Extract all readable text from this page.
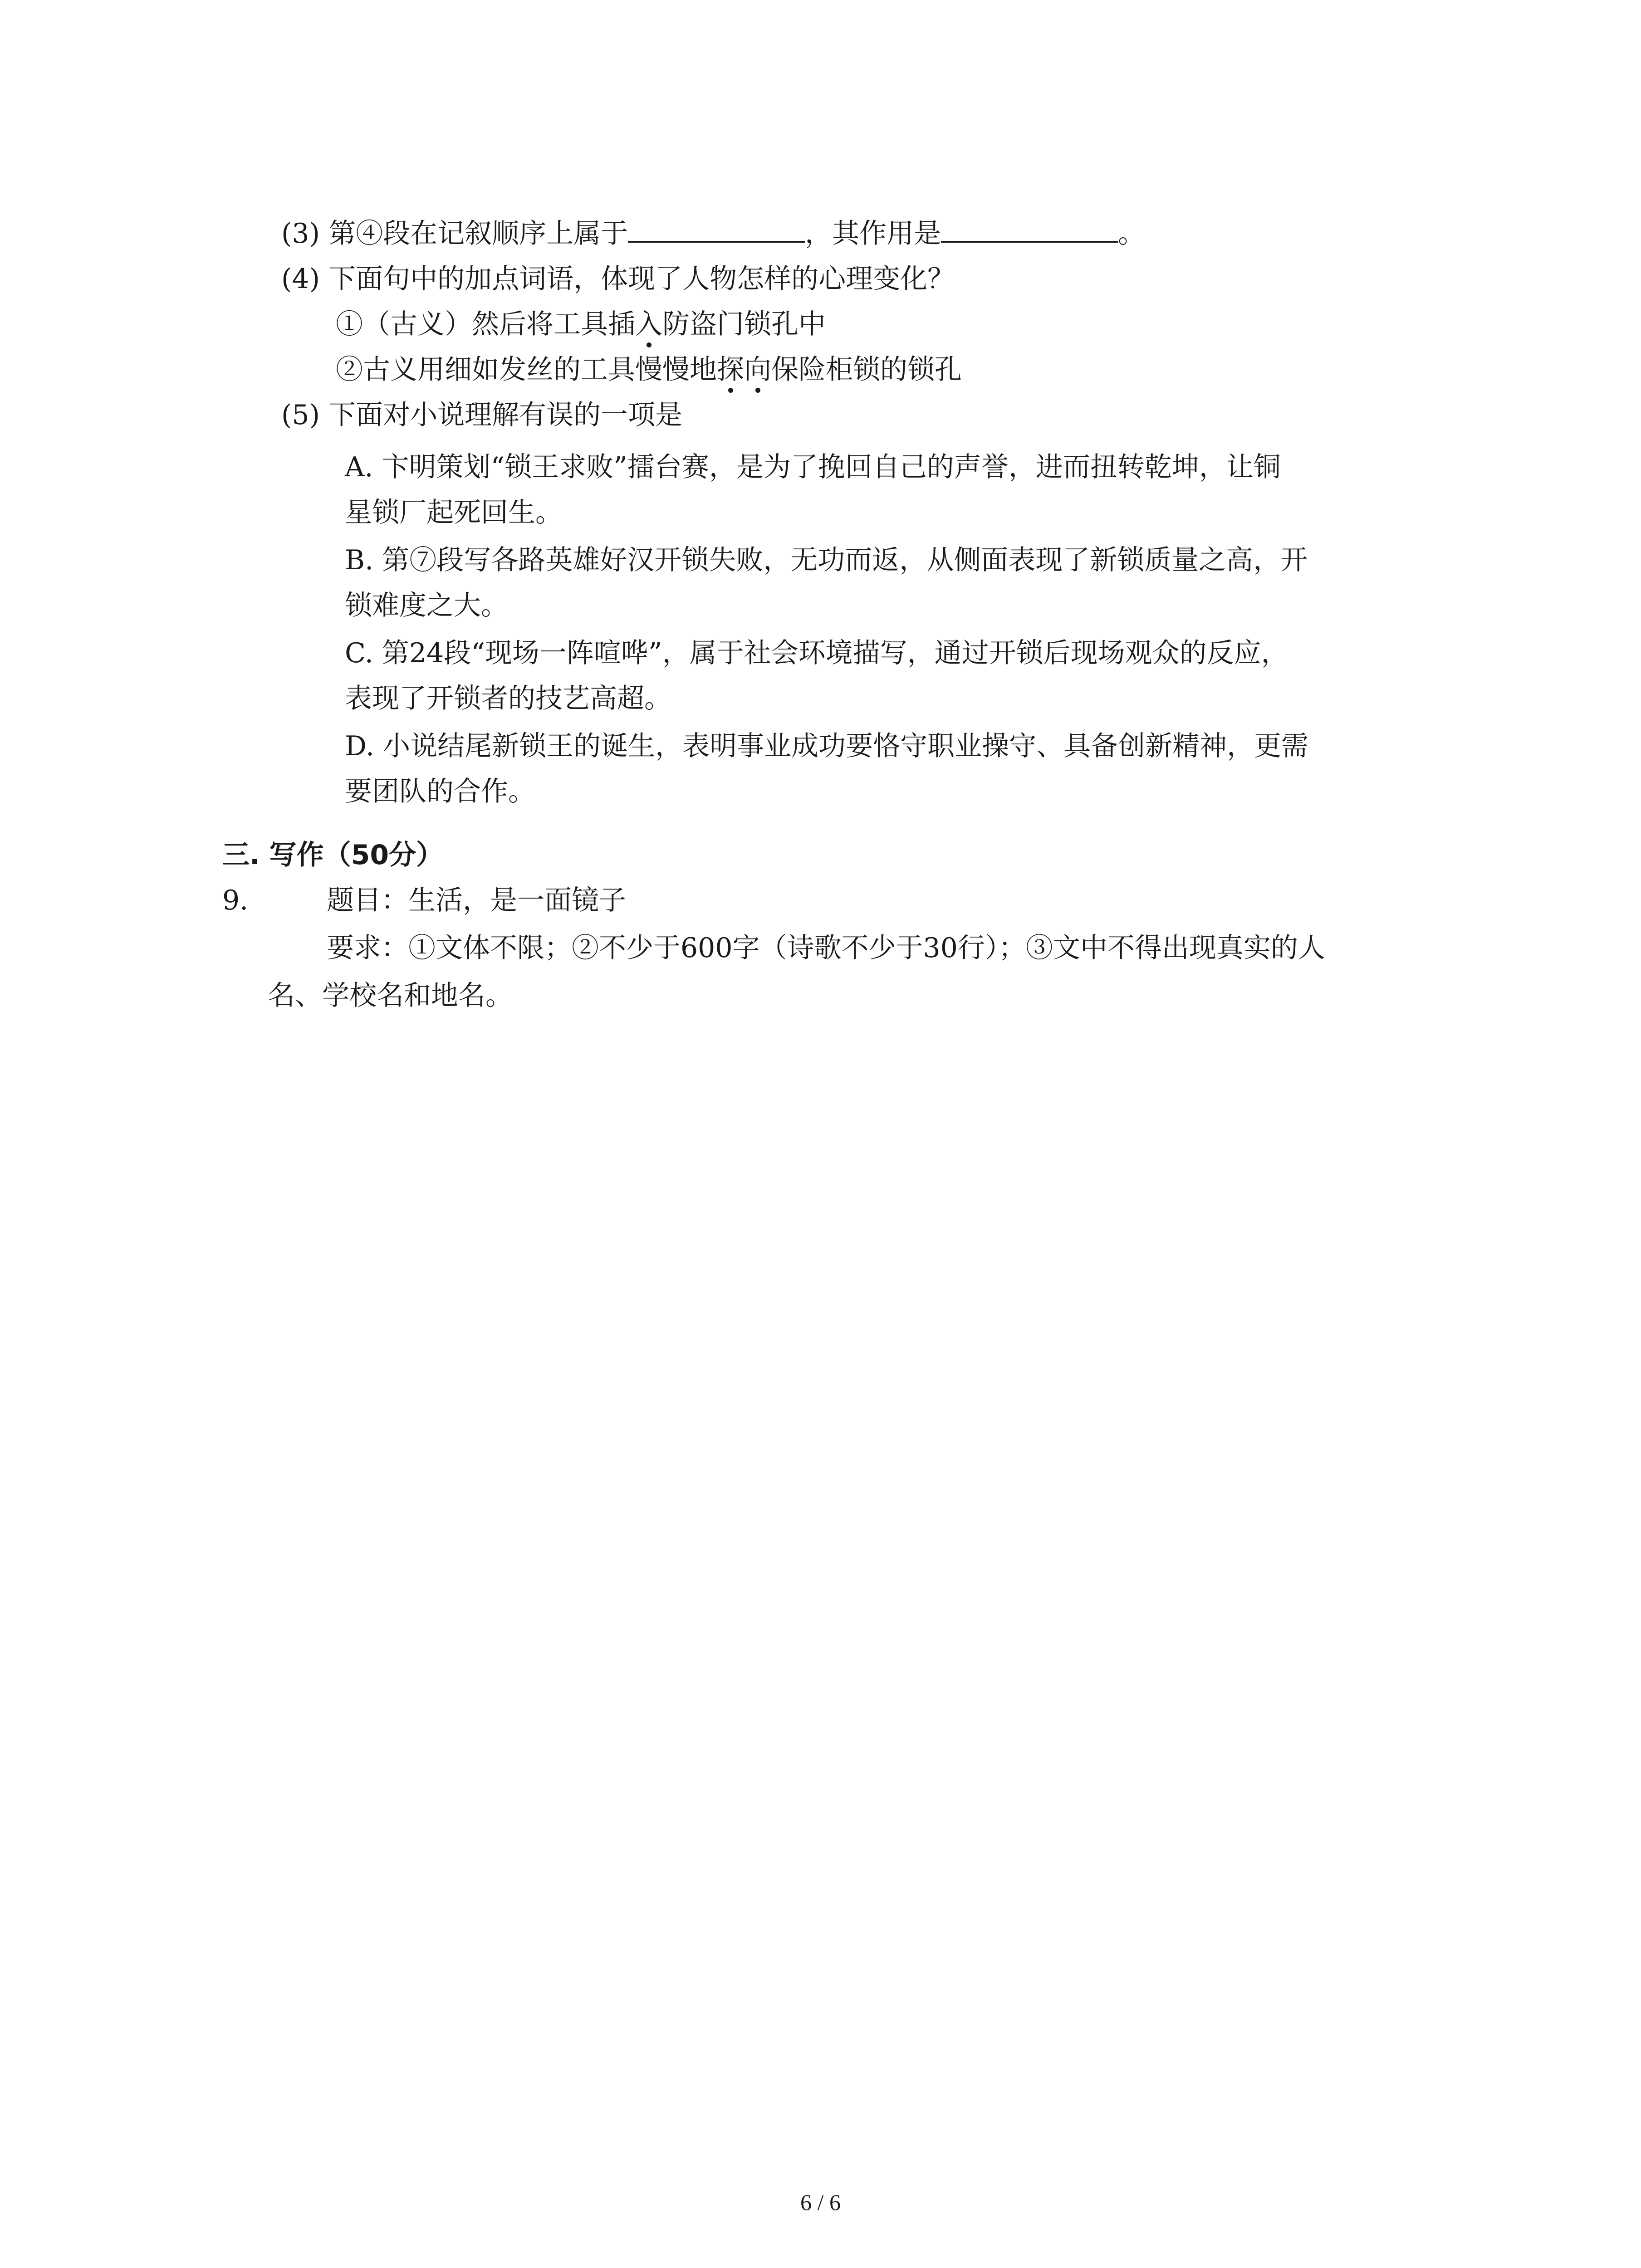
(3) 第④段在记叙顺序上属于	，其作用是	。
(4) 下面句中的加点词语，体现了人物怎样的心理变化？
①（古义）然后将工具插入防盗门锁孔中
②古义用细如发丝的工具慢慢地探向保险柜锁的锁孔
(5) 下面对小说理解有误的一项是
A. 卞明策划“锁王求败”擂台赛，是为了挽回自己的声誉，进而扭转乾坤，让铜
星锁厂起死回生。
B. 第⑦段写各路英雄好汉开锁失败，无功而返，从侧面表现了新锁质量之高，开
锁难度之大。
C. 第24段“现场一阵喧哗”，属于社会环境描写，通过开锁后现场观众的反应，
表现了开锁者的技艺高超。
D. 小说结尾新锁王的诞生，表明事业成功要恪守职业操守、具备创新精神，更需
要团队的合作。
三. 写作（50分）
9.	题目：生活，是一面镜子
要求：①文体不限；②不少于600字（诗歌不少于30行）；③文中不得出现真实的人
名、学校名和地名。
6 / 6
